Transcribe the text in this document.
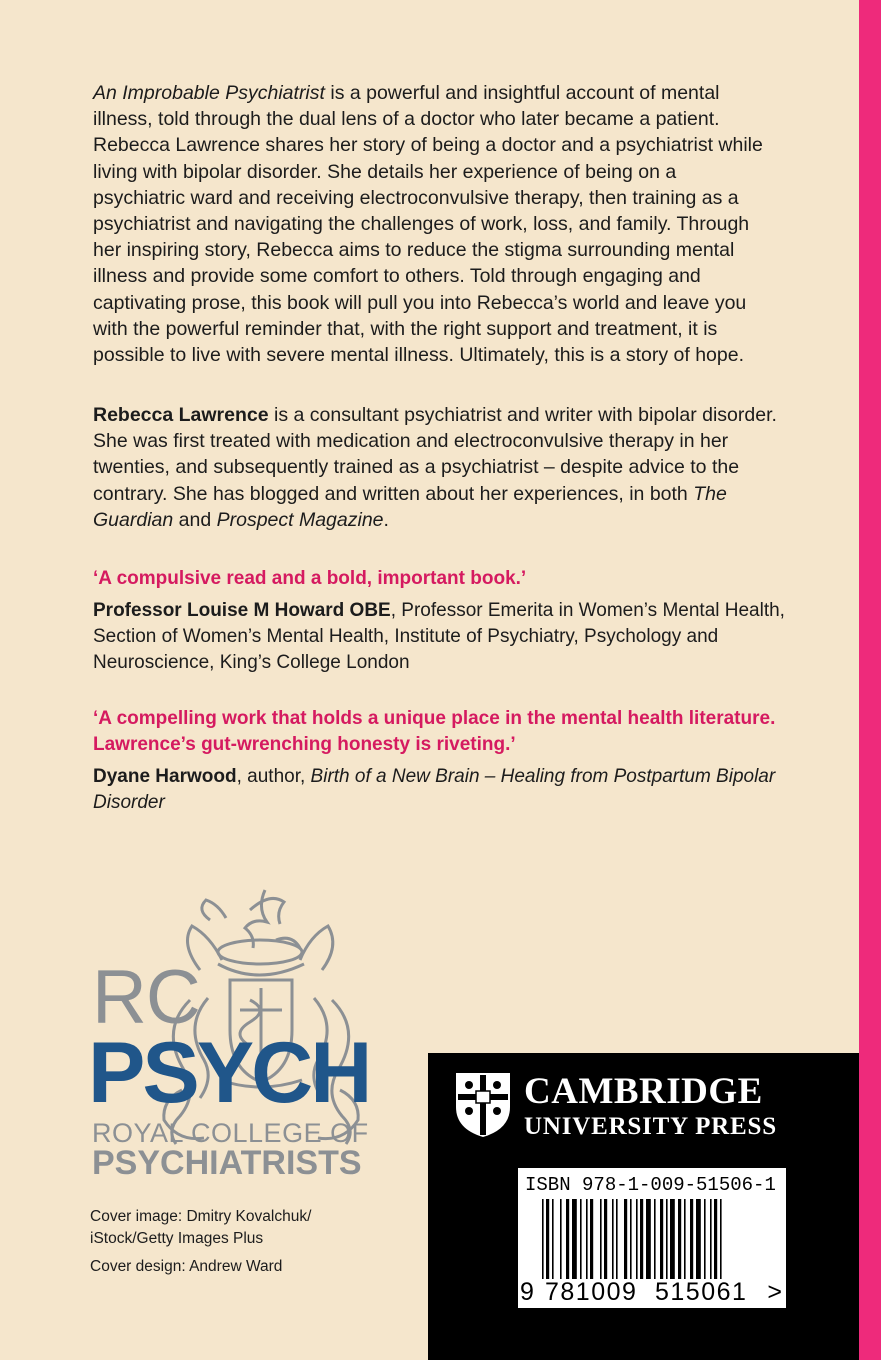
An Improbable Psychiatrist is a powerful and insightful account of mental illness, told through the dual lens of a doctor who later became a patient. Rebecca Lawrence shares her story of being a doctor and a psychiatrist while living with bipolar disorder. She details her experience of being on a psychiatric ward and receiving electroconvulsive therapy, then training as a psychiatrist and navigating the challenges of work, loss, and family. Through her inspiring story, Rebecca aims to reduce the stigma surrounding mental illness and provide some comfort to others. Told through engaging and captivating prose, this book will pull you into Rebecca’s world and leave you with the powerful reminder that, with the right support and treatment, it is possible to live with severe mental illness. Ultimately, this is a story of hope.

Rebecca Lawrence is a consultant psychiatrist and writer with bipolar disorder. She was first treated with medication and electroconvulsive therapy in her twenties, and subsequently trained as a psychiatrist – despite advice to the contrary. She has blogged and written about her experiences, in both The Guardian and Prospect Magazine.

‘A compulsive read and a bold, important book.’

Professor Louise M Howard OBE, Professor Emerita in Women’s Mental Health, Section of Women’s Mental Health, Institute of Psychiatry, Psychology and Neuroscience, King’s College London

‘A compelling work that holds a unique place in the mental health literature. Lawrence’s gut-wrenching honesty is riveting.’

Dyane Harwood, author, Birth of a New Brain – Healing from Postpartum Bipolar Disorder

RC
PSYCH
ROYAL COLLEGE OF
PSYCHIATRISTS

Cover image: Dmitry Kovalchuk/ iStock/Getty Images Plus

Cover design: Andrew Ward

CAMBRIDGE
UNIVERSITY PRESS
ISBN 978-1-009-51506-1
9 781009 515061 >
